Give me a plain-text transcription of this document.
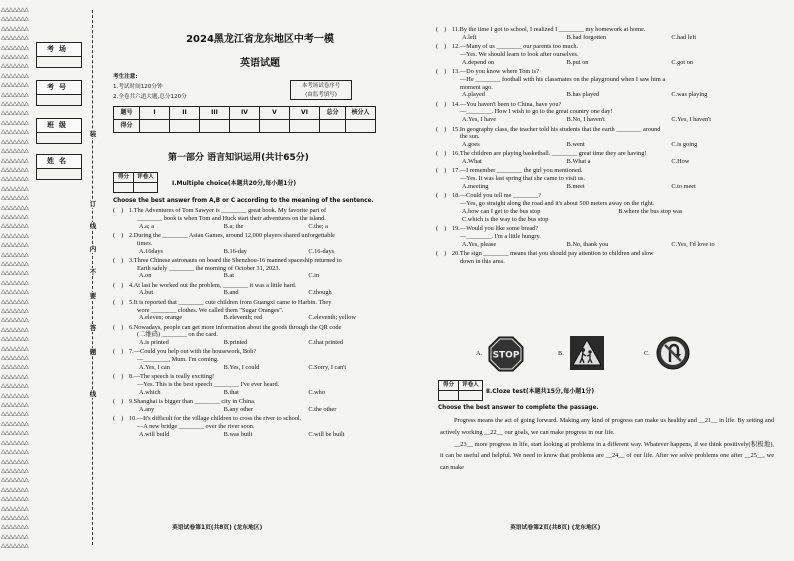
△△△△△△△
△△△△△△△
△△△△△△△
△△△△△△△
△△△△△△△
△△△△△△△
△△△△△△△
△△△△△△△
△△△△△△△
△△△△△△△
△△△△△△△
△△△△△△△
△△△△△△△
△△△△△△△
△△△△△△△
△△△△△△△
△△△△△△△
△△△△△△△
△△△△△△△
△△△△△△△
△△△△△△△
△△△△△△△
△△△△△△△
△△△△△△△
△△△△△△△
△△△△△△△
△△△△△△△
△△△△△△△
△△△△△△△
△△△△△△△
△△△△△△△
△△△△△△△
△△△△△△△
△△△△△△△
△△△△△△△
△△△△△△△
△△△△△△△
△△△△△△△
△△△△△△△
△△△△△△△
△△△△△△△
△△△△△△△
△△△△△△△
△△△△△△△
△△△△△△△
△△△△△△△
△△△△△△△
△△△△△△△
△△△△△△△
△△△△△△△
△△△△△△△
△△△△△△△
△△△△△△△
△△△△△△△
△△△△△△△
△△△△△△△
△△△△△△△
△△△△△△△
考场
考号
班级
姓名
装
订
线
内
不
要
答
题
线
2024黑龙江省龙东地区中考一模
英语试题
考生注意:
1.考试时间120分钟
2.全卷共六道大题,总分120分
本考场试卷序号
(由监考填写)
题号	I	II	III	IV	V	VI	总分	核分人
得分								
第一部分 语言知识运用(共计65分)
得分	评卷人

Ⅰ.Multiple choice(本题共20分,每小题1分)
Choose the best answer from A,B or C according to the meaning of the sentence.
( ) 1.The Adventures of Tom Sawyer is ________ great book. My favorite part of
________ book is when Tom and Huck start their adventures on the island.
A.a; a	B.a; the	C.the; a
( ) 2.During the ________ Asian Games, around 12,000 players shared unforgettable
times.
A.16days	B.16-day	C.16-days
( ) 3.Three Chinese astronauts on board the Shenzhou-16 manned spaceship returned to
Earth safely ________ the morning of October 31, 2023.
A.on	B.at	C.in
( ) 4.At last he worked out the problem, ________ it was a little hard.
A.but	B.and	C.though
( ) 5.It is reported that ________ cute children from Guangxi came to Harbin. They
wore ________ clothes. We called them "Sugar Oranges".
A.eleven; orange	B.eleventh; red	C.eleventh; yellow
( ) 6.Nowadays, people can get more information about the goods through the QR code
(二维码) ________ on the card.
A.is printed	B.printed	C.that printed
( ) 7.—Could you help out with the housework, Bob?
—________, Mum. I'm coming.
A.Yes, I can	B.Yes, I could	C.Sorry, I can't
( ) 8.—The speech is really exciting!
—Yes. This is the best speech ________ I've ever heard.
A.which	B.that	C.who
( ) 9.Shanghai is bigger than ________ city in China.
A.any	B.any other	C.the other
( ) 10.—It's difficult for the village children to cross the river to school.
—A new bridge ________ over the river soon.
A.will build	B.was built	C.will be built
英语试卷第1页(共8页) (龙东地区)
( ) 11.By the time I got to school, I realized I ________ my homework at home.
A.left	B.had forgotten	C.had left
( ) 12.—Many of us ________ our parents too much.
—Yes. We should learn to look after ourselves.
A.depend on	B.put on	C.got on
( ) 13.—Do you know where Tom is?
—He ________ football with his classmates on the playground when I saw him a
moment ago.
A.played	B.has played	C.was playing
( ) 14.—You haven't been to China, have you?
—________. How I wish to go to the great country one day!
A.Yes, I have	B.No, I haven't	C.Yes, I haven't
( ) 15.In geography class, the teacher told his students that the earth ________ around
the sun.
A.goes	B.went	C.is going
( ) 16.The children are playing basketball. ________ great time they are having!
A.What	B.What a	C.How
( ) 17.—I remember ________ the girl you mentioned.
—Yes. It was last spring that she came to visit us.
A.meeting	B.meet	C.to meet
( ) 18.—Could you tell me ________?
—Yes, go straight along the road and it's about 500 meters away on the right.
A.how can I get to the bus stop	B.where the bus stop was
C.which is the way to the bus stop
( ) 19.—Would you like some bread?
—________. I'm a little hungry.
A.Yes, please	B.No, thank you	C.Yes, I'd love to
( ) 20.The sign ________ means that you should pay attention to children and slow
down in this area.
A. STOP	B.	C.
得分	评卷人

Ⅱ.Cloze test(本题共15分,每小题1分)
Choose the best answer to complete the passage.

Progress means the act of going forward. Making any kind of progress can make us healthy and __21__ in life. By setting and actively working __22__ our goals, we can make progress in our life.

__23__ more progress in life, start looking at problems in a different way. Whatever happens, if we think positively(积极地), it can be useful and helpful. We need to know that problems are __24__ of our life. After we solve problems one after __25__, we can make

英语试卷第2页(共8页) (龙东地区)
